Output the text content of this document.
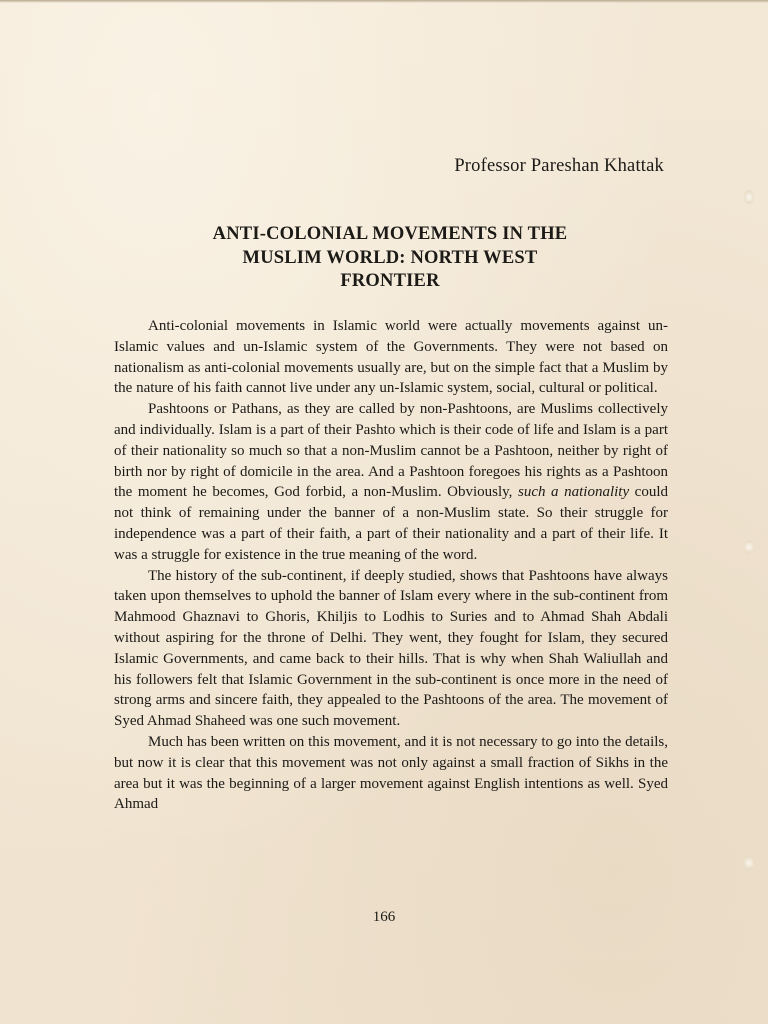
Professor Pareshan Khattak
ANTI-COLONIAL MOVEMENTS IN THE
MUSLIM WORLD: NORTH WEST
FRONTIER

Anti-colonial movements in Islamic world were actually movements against un-Islamic values and un-Islamic system of the Governments. They were not based on nationalism as anti-colonial movements usually are, but on the simple fact that a Muslim by the nature of his faith cannot live under any un-Islamic system, social, cultural or political.

Pashtoons or Pathans, as they are called by non-Pashtoons, are Muslims collectively and individually. Islam is a part of their Pashto which is their code of life and Islam is a part of their nationality so much so that a non-Muslim cannot be a Pashtoon, neither by right of birth nor by right of domicile in the area. And a Pashtoon foregoes his rights as a Pashtoon the moment he becomes, God forbid, a non-Muslim. Obviously, such a nationality could not think of remaining under the banner of a non-Muslim state. So their struggle for independence was a part of their faith, a part of their nationality and a part of their life. It was a struggle for existence in the true meaning of the word.

The history of the sub-continent, if deeply studied, shows that Pashtoons have always taken upon themselves to uphold the banner of Islam every where in the sub-continent from Mahmood Ghaznavi to Ghoris, Khiljis to Lodhis to Suries and to Ahmad Shah Abdali without aspiring for the throne of Delhi. They went, they fought for Islam, they secured Islamic Governments, and came back to their hills. That is why when Shah Waliullah and his followers felt that Islamic Government in the sub-continent is once more in the need of strong arms and sincere faith, they appealed to the Pashtoons of the area. The movement of Syed Ahmad Shaheed was one such movement.

Much has been written on this movement, and it is not necessary to go into the details, but now it is clear that this movement was not only against a small fraction of Sikhs in the area but it was the beginning of a larger movement against English intentions as well. Syed Ahmad

166
